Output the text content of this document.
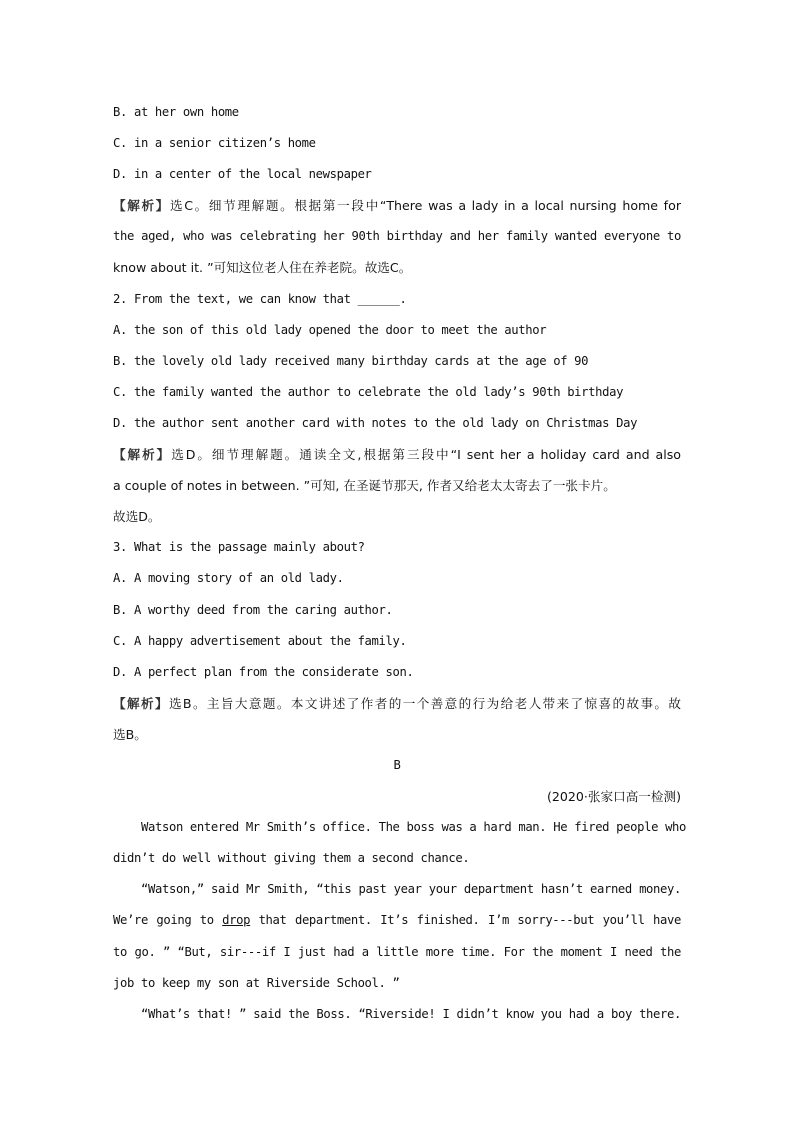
B. at her own home
C. in a senior citizen’s home
D. in a center of the local newspaper
【解析】选C。细节理解题。根据第一段中“There was a lady in a local nursing home for
the aged, who was celebrating her 90th birthday and her family wanted everyone to
know about it. ”可知这位老人住在养老院。故选C。
2. From the text, we can know that ______.
A. the son of this old lady opened the door to meet the author
B. the lovely old lady received many birthday cards at the age of 90
C. the family wanted the author to celebrate the old lady’s 90th birthday
D. the author sent another card with notes to the old lady on Christmas Day
【解析】选D。细节理解题。通读全文,根据第三段中“I sent her a holiday card and also
a couple of notes in between. ”可知, 在圣诞节那天, 作者又给老太太寄去了一张卡片。
故选D。
3. What is the passage mainly about?
A. A moving story of an old lady.
B. A worthy deed from the caring author.
C. A happy advertisement about the family.
D. A perfect plan from the considerate son.
【解析】选B。主旨大意题。本文讲述了作者的一个善意的行为给老人带来了惊喜的故事。故
选B。
B
(2020·张家口高一检测)
Watson entered Mr Smith’s office. The boss was a hard man. He fired people who
didn’t do well without giving them a second chance.
“Watson,” said Mr Smith, “this past year your department hasn’t earned money.
We’re going to drop that department. It’s finished. I’m sorry---but you’ll have
to go. ” “But, sir---if I just had a little more time. For the moment I need the
job to keep my son at Riverside School. ”
“What’s that! ” said the Boss. “Riverside! I didn’t know you had a boy there.
